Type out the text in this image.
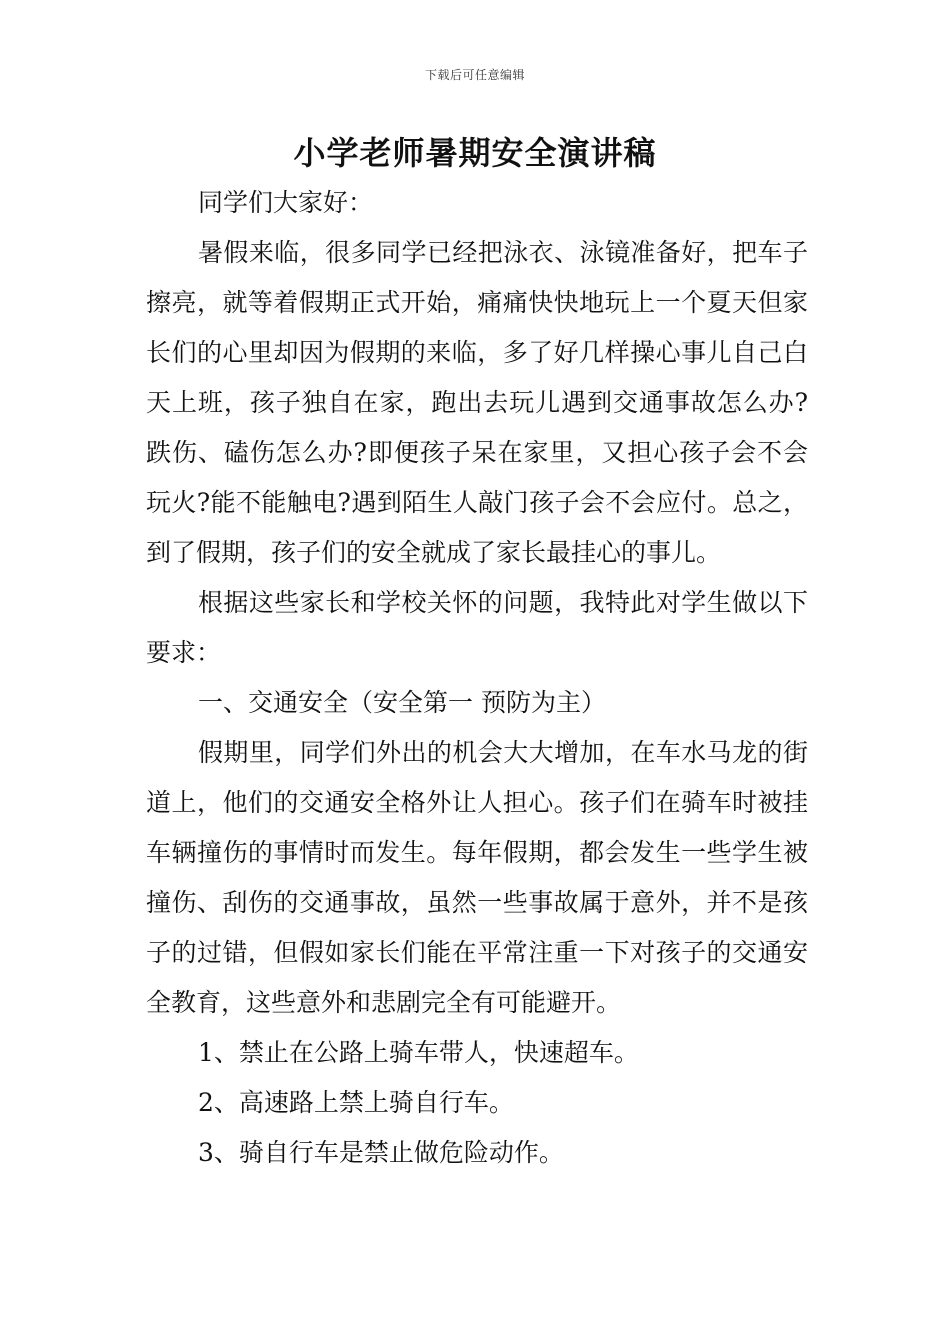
下载后可任意编辑
小学老师暑期安全演讲稿

同学们大家好：

暑假来临，很多同学已经把泳衣、泳镜准备好，把车子擦亮，就等着假期正式开始，痛痛快快地玩上一个夏天但家长们的心里却因为假期的来临，多了好几样操心事儿自己白天上班，孩子独自在家，跑出去玩儿遇到交通事故怎么办?跌伤、磕伤怎么办?即便孩子呆在家里，又担心孩子会不会玩火?能不能触电?遇到陌生人敲门孩子会不会应付。总之，到了假期，孩子们的安全就成了家长最挂心的事儿。

根据这些家长和学校关怀的问题，我特此对学生做以下要求：

一、交通安全（安全第一 预防为主）

假期里，同学们外出的机会大大增加，在车水马龙的街道上，他们的交通安全格外让人担心。孩子们在骑车时被挂车辆撞伤的事情时而发生。每年假期，都会发生一些学生被撞伤、刮伤的交通事故，虽然一些事故属于意外，并不是孩子的过错，但假如家长们能在平常注重一下对孩子的交通安全教育，这些意外和悲剧完全有可能避开。

1、禁止在公路上骑车带人，快速超车。

2、高速路上禁上骑自行车。

3、骑自行车是禁止做危险动作。
